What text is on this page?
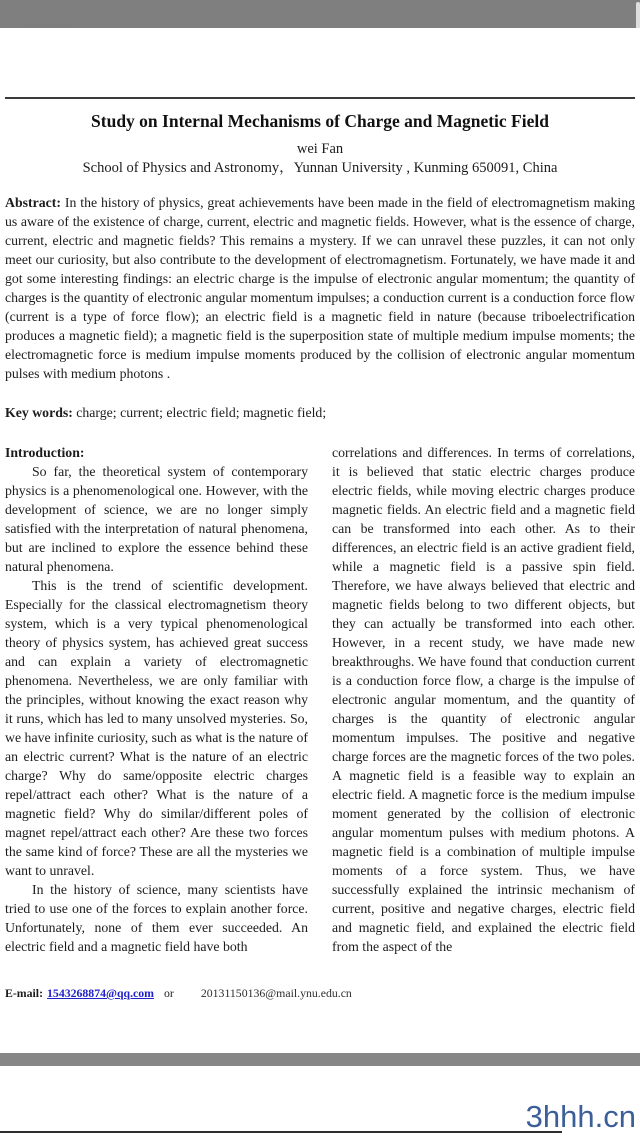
Study on Internal Mechanisms of Charge and Magnetic Field
wei Fan
School of Physics and Astronomy，Yunnan University , Kunming 650091, China

Abstract: In the history of physics, great achievements have been made in the field of electromagnetism making us aware of the existence of charge, current, electric and magnetic fields. However, what is the essence of charge, current, electric and magnetic fields? This remains a mystery. If we can unravel these puzzles, it can not only meet our curiosity, but also contribute to the development of electromagnetism. Fortunately, we have made it and got some interesting findings: an electric charge is the impulse of electronic angular momentum; the quantity of charges is the quantity of electronic angular momentum impulses; a conduction current is a conduction force flow (current is a type of force flow); an electric field is a magnetic field in nature (because triboelectrification produces a magnetic field); a magnetic field is the superposition state of multiple medium impulse moments; the electromagnetic force is medium impulse moments produced by the collision of electronic angular momentum pulses with medium photons .

Key words: charge; current; electric field; magnetic field;

Introduction:

So far, the theoretical system of contemporary physics is a phenomenological one. However, with the development of science, we are no longer simply satisfied with the interpretation of natural phenomena, but are inclined to explore the essence behind these natural phenomena.

This is the trend of scientific development. Especially for the classical electromagnetism theory system, which is a very typical phenomenological theory of physics system, has achieved great success and can explain a variety of electromagnetic phenomena. Nevertheless, we are only familiar with the principles, without knowing the exact reason why it runs, which has led to many unsolved mysteries. So, we have infinite curiosity, such as what is the nature of an electric current? What is the nature of an electric charge? Why do same/opposite electric charges repel/attract each other? What is the nature of a magnetic field? Why do similar/different poles of magnet repel/attract each other? Are these two forces the same kind of force? These are all the mysteries we want to unravel.

In the history of science, many scientists have tried to use one of the forces to explain another force. Unfortunately, none of them ever succeeded. An electric field and a magnetic field have both

correlations and differences. In terms of correlations, it is believed that static electric charges produce electric fields, while moving electric charges produce magnetic fields. An electric field and a magnetic field can be transformed into each other. As to their differences, an electric field is an active gradient field, while a magnetic field is a passive spin field. Therefore, we have always believed that electric and magnetic fields belong to two different objects, but they can actually be transformed into each other. However, in a recent study, we have made new breakthroughs. We have found that conduction current is a conduction force flow, a charge is the impulse of electronic angular momentum, and the quantity of charges is the quantity of electronic angular momentum impulses. The positive and negative charge forces are the magnetic forces of the two poles. A magnetic field is a feasible way to explain an electric field. A magnetic force is the medium impulse moment generated by the collision of electronic angular momentum pulses with medium photons. A magnetic field is a combination of multiple impulse moments of a force system. Thus, we have successfully explained the intrinsic mechanism of current, positive and negative charges, electric field and magnetic field, and explained the electric field from the aspect of the

E-mail: 1543268874@qq.com or 20131150136@mail.ynu.edu.cn
3hhh.cn
